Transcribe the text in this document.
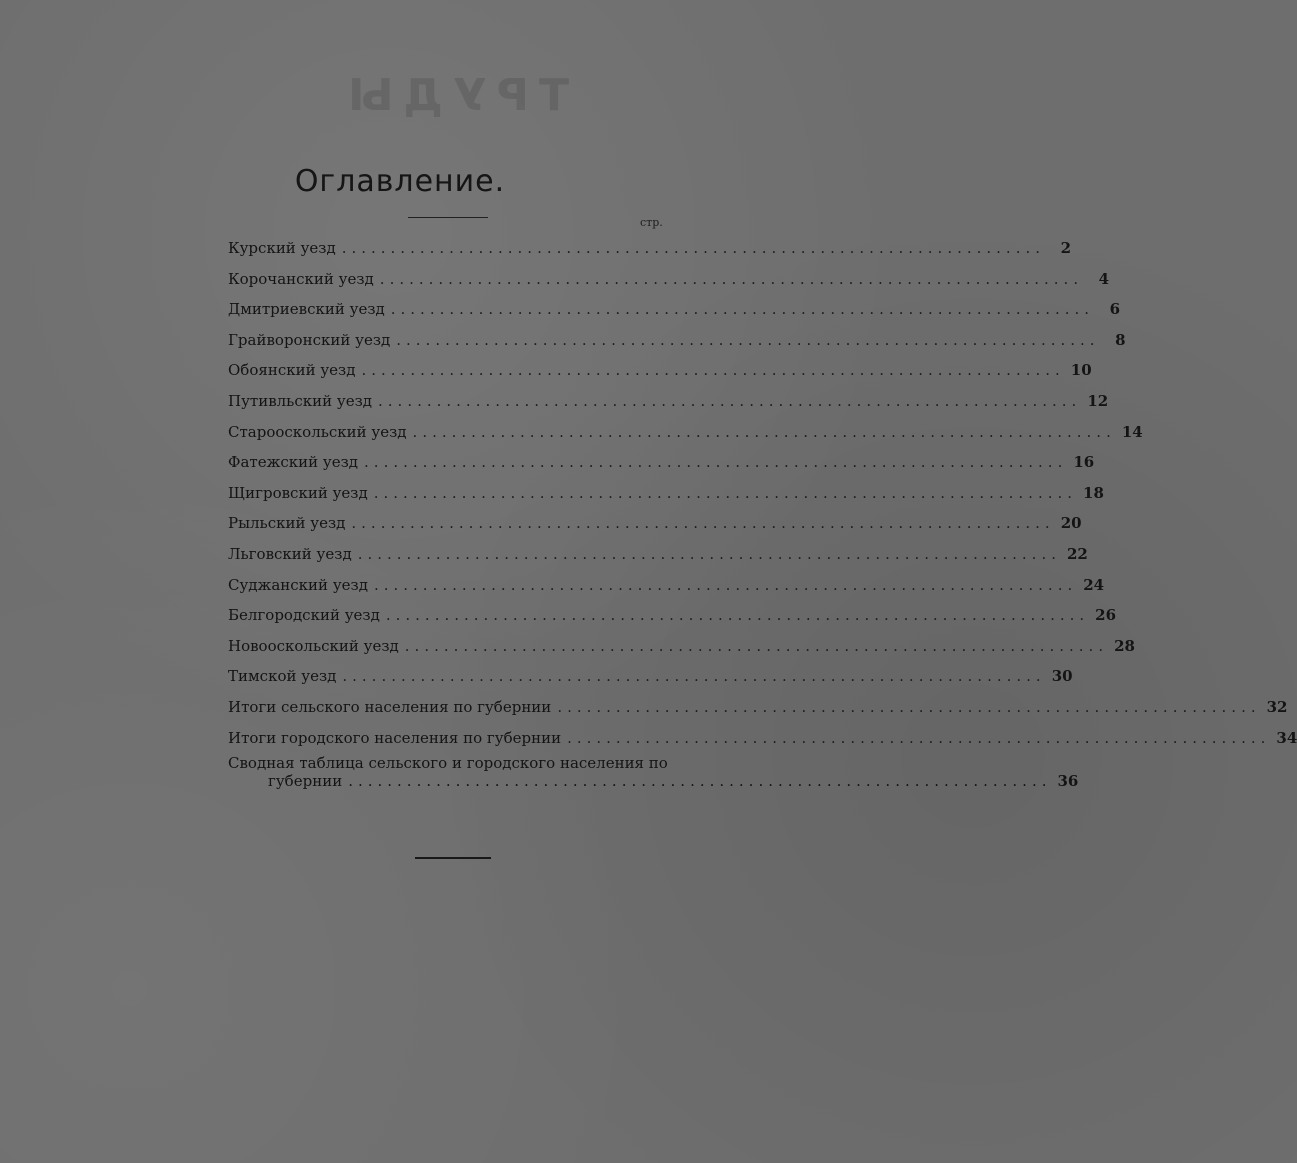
ТРУДЫ
Оглавление.
стр.
Курский уезд ........................................................................	2
Корочанский уезд ........................................................................	4
Дмитриевский уезд ........................................................................	6
Грайворонский уезд ........................................................................	8
Обоянский уезд ........................................................................ 10
Путивльский уезд ........................................................................ 12
Старооскольский уезд ........................................................................ 14
Фатежский уезд ........................................................................ 16
Щигровский уезд ........................................................................ 18
Рыльский уезд ........................................................................ 20
Льговский уезд ........................................................................ 22
Суджанский уезд ........................................................................ 24
Белгородский уезд ........................................................................ 26
Новооскольский уезд ........................................................................ 28
Тимской уезд ........................................................................ 30
Итоги сельского населения по губернии ........................................................................ 32
Итоги городского населения по губернии ........................................................................ 34
Сводная таблица сельского и городского населения по
губернии ........................................................................ 36
